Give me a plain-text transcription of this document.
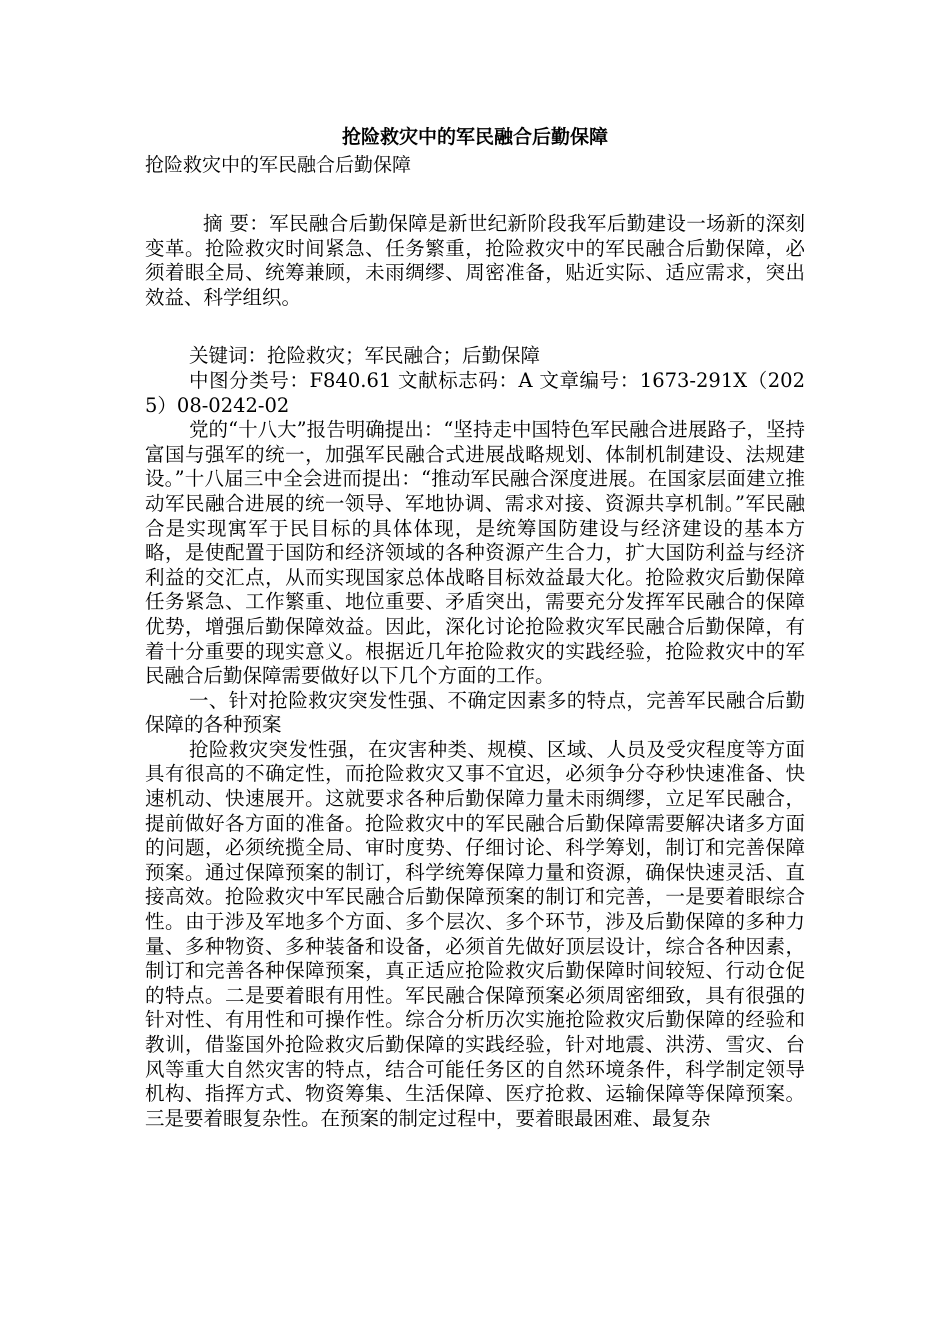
抢险救灾中的军民融合后勤保障

抢险救灾中的军民融合后勤保障

摘 要：军民融合后勤保障是新世纪新阶段我军后勤建设一场新的深刻变革。抢险救灾时间紧急、任务繁重，抢险救灾中的军民融合后勤保障，必须着眼全局、统筹兼顾，未雨绸缪、周密准备，贴近实际、适应需求，突出效益、科学组织。

关键词：抢险救灾；军民融合；后勤保障

中图分类号：F840.61 文献标志码：A 文章编号：1673-291X（2025）08-0242-02

党的“十八大”报告明确提出：“坚持走中国特色军民融合进展路子，坚持富国与强军的统一，加强军民融合式进展战略规划、体制机制建设、法规建设。”十八届三中全会进而提出：“推动军民融合深度进展。在国家层面建立推动军民融合进展的统一领导、军地协调、需求对接、资源共享机制。”军民融合是实现寓军于民目标的具体体现，是统筹国防建设与经济建设的基本方略，是使配置于国防和经济领域的各种资源产生合力，扩大国防利益与经济利益的交汇点，从而实现国家总体战略目标效益最大化。抢险救灾后勤保障任务紧急、工作繁重、地位重要、矛盾突出，需要充分发挥军民融合的保障优势，增强后勤保障效益。因此，深化讨论抢险救灾军民融合后勤保障，有着十分重要的现实意义。根据近几年抢险救灾的实践经验，抢险救灾中的军民融合后勤保障需要做好以下几个方面的工作。

一、针对抢险救灾突发性强、不确定因素多的特点，完善军民融合后勤保障的各种预案

抢险救灾突发性强，在灾害种类、规模、区域、人员及受灾程度等方面具有很高的不确定性，而抢险救灾又事不宜迟，必须争分夺秒快速准备、快速机动、快速展开。这就要求各种后勤保障力量未雨绸缪，立足军民融合，提前做好各方面的准备。抢险救灾中的军民融合后勤保障需要解决诸多方面的问题，必须统揽全局、审时度势、仔细讨论、科学筹划，制订和完善保障预案。通过保障预案的制订，科学统筹保障力量和资源，确保快速灵活、直接高效。抢险救灾中军民融合后勤保障预案的制订和完善，一是要着眼综合性。由于涉及军地多个方面、多个层次、多个环节，涉及后勤保障的多种力量、多种物资、多种装备和设备，必须首先做好顶层设计，综合各种因素，制订和完善各种保障预案，真正适应抢险救灾后勤保障时间较短、行动仓促的特点。二是要着眼有用性。军民融合保障预案必须周密细致，具有很强的针对性、有用性和可操作性。综合分析历次实施抢险救灾后勤保障的经验和教训，借鉴国外抢险救灾后勤保障的实践经验，针对地震、洪涝、雪灾、台风等重大自然灾害的特点，结合可能任务区的自然环境条件，科学制定领导机构、指挥方式、物资筹集、生活保障、医疗抢救、运输保障等保障预案。三是要着眼复杂性。在预案的制定过程中，要着眼最困难、最复杂
